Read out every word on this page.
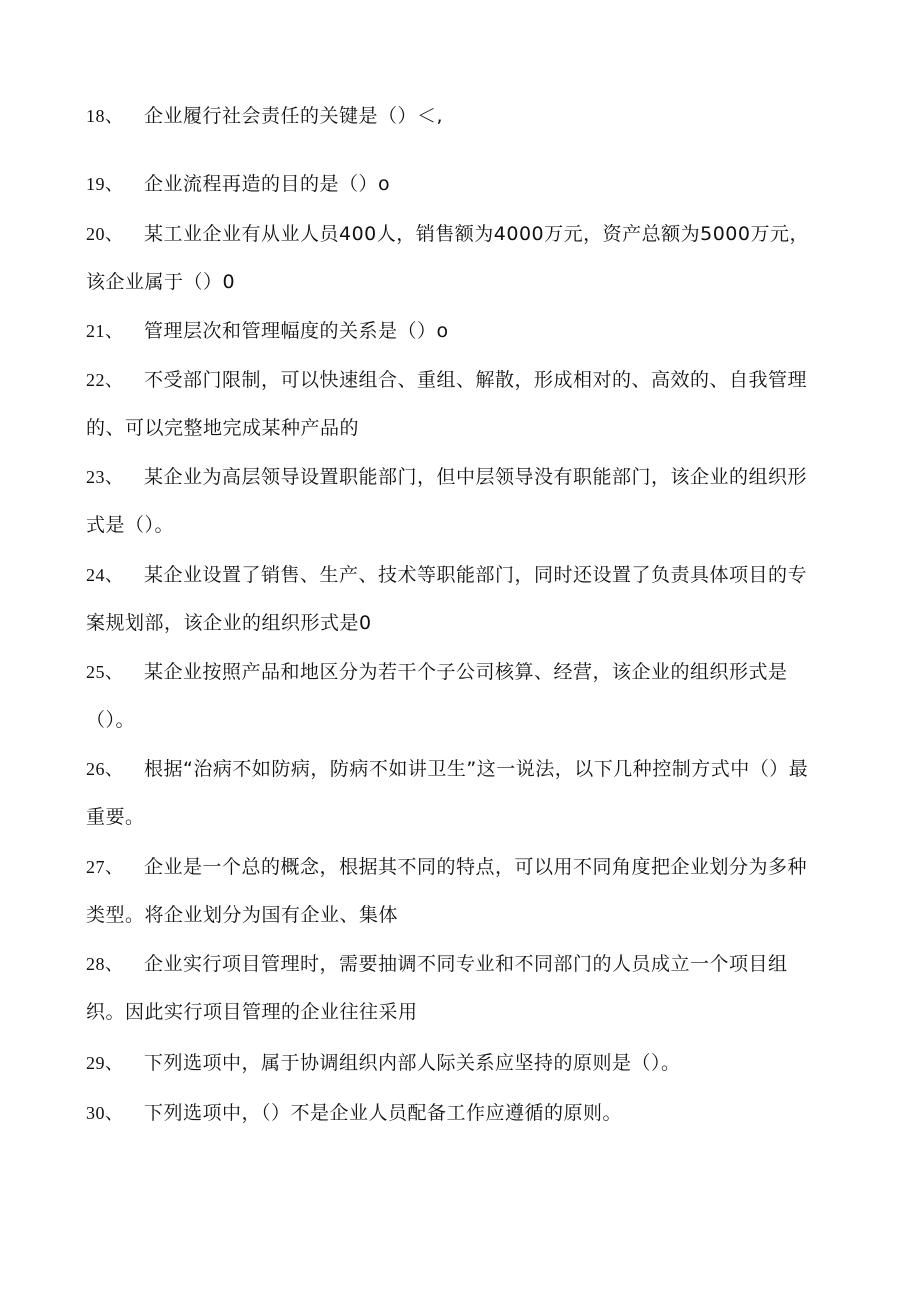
18、 企业履行社会责任的关键是（）＜,
19、 企业流程再造的目的是（）o
20、 某工业企业有从业人员400人，销售额为4000万元，资产总额为5000万元，该企业属于（）0
21、 管理层次和管理幅度的关系是（）o
22、 不受部门限制，可以快速组合、重组、解散，形成相对的、高效的、自我管理的、可以完整地完成某种产品的
23、 某企业为高层领导设置职能部门，但中层领导没有职能部门，该企业的组织形式是（）。
24、 某企业设置了销售、生产、技术等职能部门，同时还设置了负责具体项目的专案规划部，该企业的组织形式是0
25、 某企业按照产品和地区分为若干个子公司核算、经营，该企业的组织形式是（）。
26、 根据“治病不如防病，防病不如讲卫生”这一说法，以下几种控制方式中（）最重要。
27、 企业是一个总的概念，根据其不同的特点，可以用不同角度把企业划分为多种类型。将企业划分为国有企业、集体
28、 企业实行项目管理时，需要抽调不同专业和不同部门的人员成立一个项目组织。因此实行项目管理的企业往往采用
29、 下列选项中，属于协调组织内部人际关系应坚持的原则是（）。
30、 下列选项中，（）不是企业人员配备工作应遵循的原则。
